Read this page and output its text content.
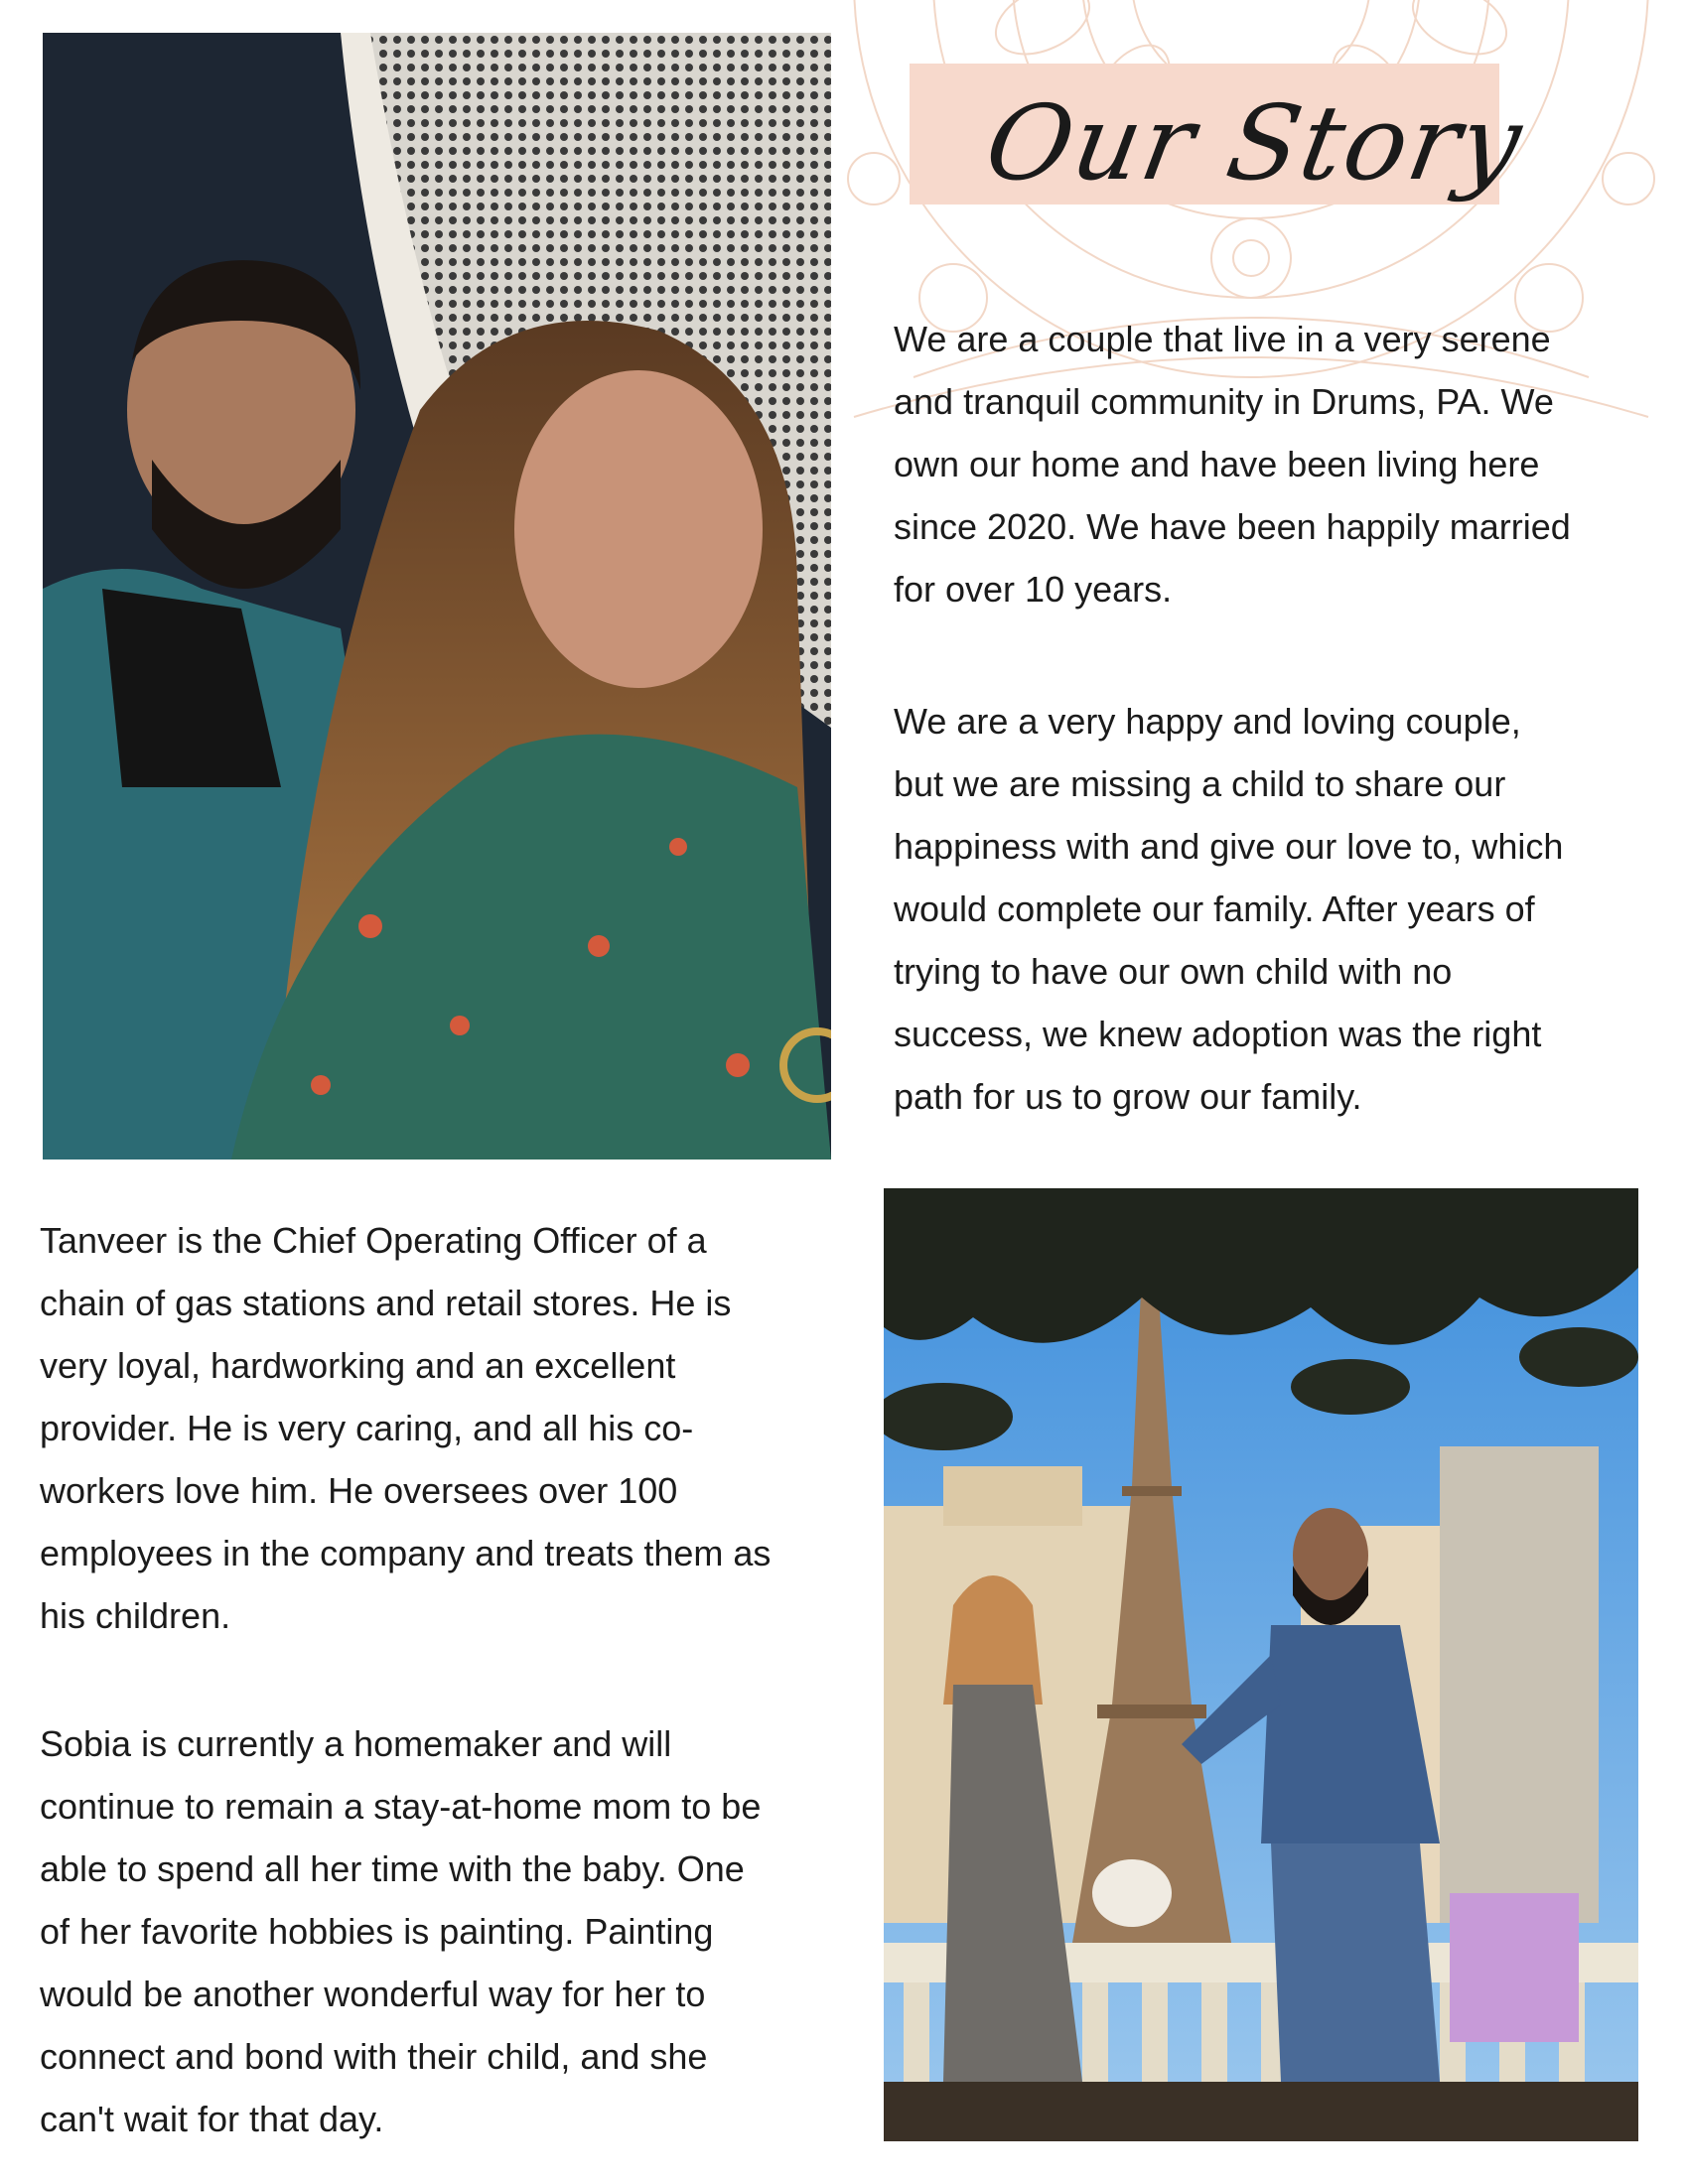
Our Story

We are a couple that live in a very serene
and tranquil community in Drums, PA. We
own our home and have been living here
since 2020. We have been happily married
for over 10 years.

We are a very happy and loving couple,
but we are missing a child to share our
happiness with and give our love to, which
would complete our family. After years of
trying to have our own child with no
success, we knew adoption was the right
path for us to grow our family.

Tanveer is the Chief Operating Officer of a
chain of gas stations and retail stores. He is
very loyal, hardworking and an excellent
provider. He is very caring, and all his co-
workers love him. He oversees over 100
employees in the company and treats them as
his children.

Sobia is currently a homemaker and will
continue to remain a stay-at-home mom to be
able to spend all her time with the baby. One
of her favorite hobbies is painting. Painting
would be another wonderful way for her to
connect and bond with their child, and she
can't wait for that day.
